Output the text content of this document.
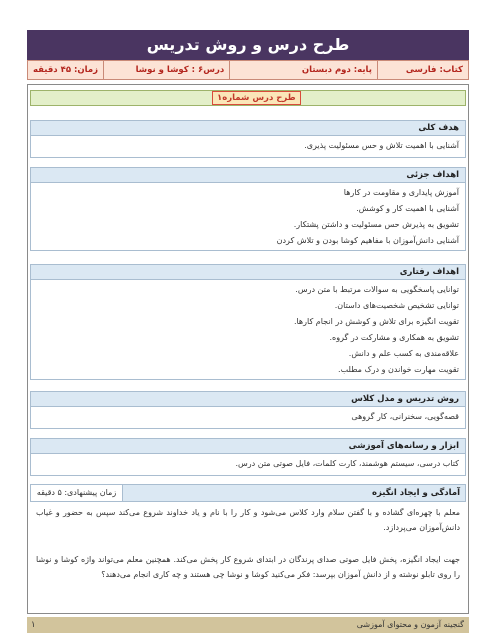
طرح درس و روش تدریس
کتاب: فارسی
پایه: دوم دبستان
درس۶ : کوشا و نوشا
زمان: ۴۵ دقیقه
طرح درس شماره۱
هدف کلی
آشنایی با اهمیت تلاش و حس مسئولیت پذیری.
اهداف جزئی
آموزش پایداری و مقاومت در کارها
آشنایی با اهمیت کار و کوشش.
تشویق به پذیرش حس مسئولیت و داشتن پشتکار.
آشنایی دانش‌آموزان با مفاهیم کوشا بودن و تلاش کردن
اهداف رفتاری
توانایی پاسخگویی به سوالات مرتبط با متن درس.
توانایی تشخیص شخصیت‌های داستان.
تقویت انگیزه برای تلاش و کوشش در انجام کارها.
تشویق به همکاری و مشارکت در گروه.
علاقه‌مندی به کسب علم و دانش.
تقویت مهارت خواندن و درک مطلب.
روش تدریس و مدل کلاس
قصه‌گویی، سخنرانی، کار گروهی
ابزار و رسانه‌های آموزشی
کتاب درسی، سیستم هوشمند، کارت کلمات، فایل صوتی متن درس.
آمادگی و ایجاد انگیزه
زمان پیشنهادی: ۵ دقیقه
معلم با چهره‌ای گشاده و با گفتن سلام وارد کلاس می‌شود و کار را با نام و یاد خداوند شروع می‌کند سپس به حضور و غیاب دانش‌آموزان می‌پردازد.
جهت ایجاد انگیزه، پخش فایل صوتی صدای پرندگان در ابتدای شروع کار پخش می‌کند. همچنین معلم می‌تواند واژه کوشا و نوشا را روی تابلو نوشته و از دانش آموزان بپرسد: فکر می‌کنید کوشا و نوشا چی هستند و چه کاری انجام می‌دهند؟
گنجینه آزمون و محتوای آموزشی
۱
